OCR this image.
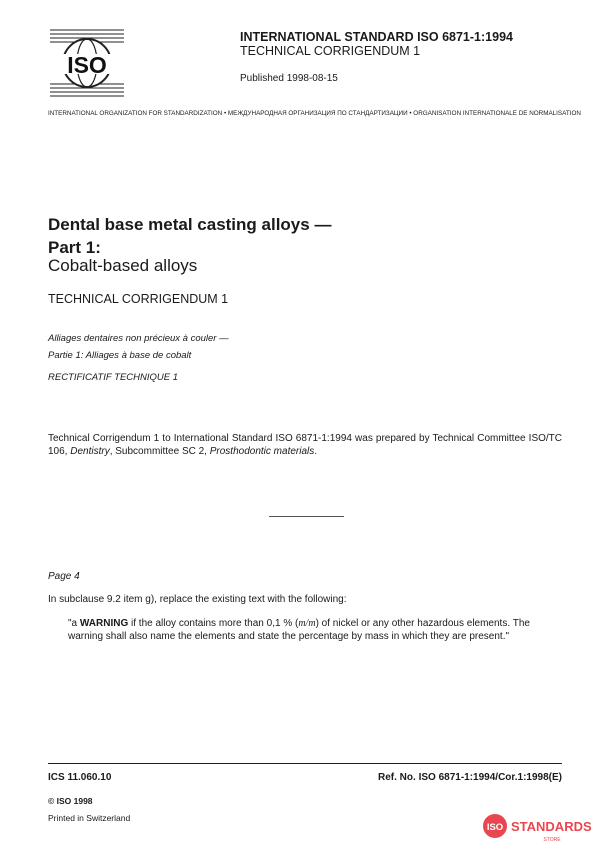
ISO
INTERNATIONAL STANDARD ISO 6871-1:1994
TECHNICAL CORRIGENDUM 1
Published 1998-08-15
INTERNATIONAL ORGANIZATION FOR STANDARDIZATION • МЕЖДУНАРОДНАЯ ОРГАНИЗАЦИЯ ПО СТАНДАРТИЗАЦИИ • ORGANISATION INTERNATIONALE DE NORMALISATION
Dental base metal casting alloys —
Part 1:
Cobalt-based alloys
TECHNICAL CORRIGENDUM 1
Alliages dentaires non précieux à couler —
Partie 1: Alliages à base de cobalt
RECTIFICATIF TECHNIQUE 1
Technical Corrigendum 1 to International Standard ISO 6871-1:1994 was prepared by Technical Committee ISO/TC 106, Dentistry, Subcommittee SC 2, Prosthodontic materials.
Page 4
In subclause 9.2 item g), replace the existing text with the following:
"a WARNING if the alloy contains more than 0,1 % (m/m) of nickel or any other hazardous elements. The warning shall also name the elements and state the percentage by mass in which they are present."
ICS 11.060.10	Ref. No. ISO 6871-1:1994/Cor.1:1998(E)
© ISO 1998
Printed in Switzerland
ISO STANDARDS
STORE
